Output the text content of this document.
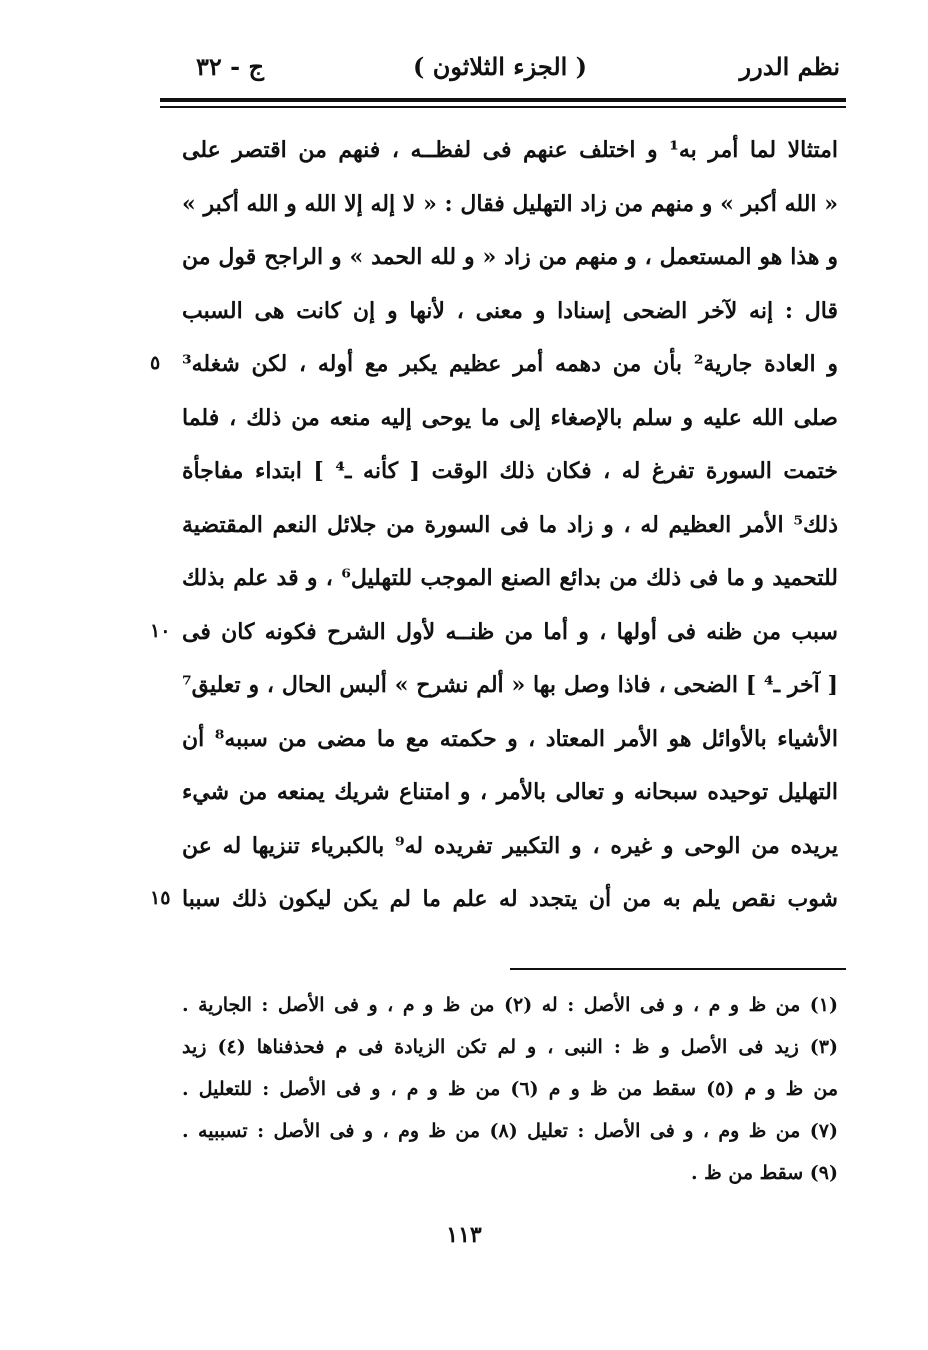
نظم الدرر
( الجزء الثلاثون )
ج - ٣٢
امتثالا لما أمر به¹ و اختلف عنهم فى لفظــه ، فنهم من اقتصر على
« الله أكبر » و منهم من زاد التهليل فقال : « لا إله إلا الله و الله أكبر »
و هذا هو المستعمل ، و منهم من زاد « و لله الحمد » و الراجح قول من
قال : إنه لآخر الضحى إسنادا و معنى ، لأنها و إن كانت هى السبب
و العادة جارية² بأن من دهمه أمر عظيم يكبر مع أوله ، لكن شغله³
صلى الله عليه و سلم بالإصغاء إلى ما يوحى إليه منعه من ذلك ، فلما
ختمت السورة تفرغ له ، فكان ذلك الوقت [ كأنه ـ⁴ ] ابتداء مفاجأة
ذلك⁵ الأمر العظيم له ، و زاد ما فى السورة من جلائل النعم المقتضية
للتحميد و ما فى ذلك من بدائع الصنع الموجب للتهليل⁶ ، و قد علم بذلك
سبب من ظنه فى أولها ، و أما من ظنــه لأول الشرح فكونه كان فى
[ آخر ـ⁴ ] الضحى ، فاذا وصل بها « ألم نشرح » ألبس الحال ، و تعليق⁷
الأشياء بالأوائل هو الأمر المعتاد ، و حكمته مع ما مضى من سببه⁸ أن
التهليل توحيده سبحانه و تعالى بالأمر ، و امتناع شريك يمنعه من شيء
يريده من الوحى و غيره ، و التكبير تفريده له⁹ بالكبرياء تنزيها له عن
شوب نقص يلم به من أن يتجدد له علم ما لم يكن ليكون ذلك سببا
٥
١٠
١٥
(١) من ظ و م ، و فى الأصل : له (٢) من ظ و م ، و فى الأصل : الجارية .
(٣) زيد فى الأصل و ظ : النبى ، و لم تكن الزيادة فى م فحذفناها (٤) زيد
من ظ و م (٥) سقط من ظ و م (٦) من ظ و م ، و فى الأصل : للتعليل .
(٧) من ظ وم ، و فى الأصل : تعليل (٨) من ظ وم ، و فى الأصل : تسببيه .
(٩) سقط من ظ .
١١٣
